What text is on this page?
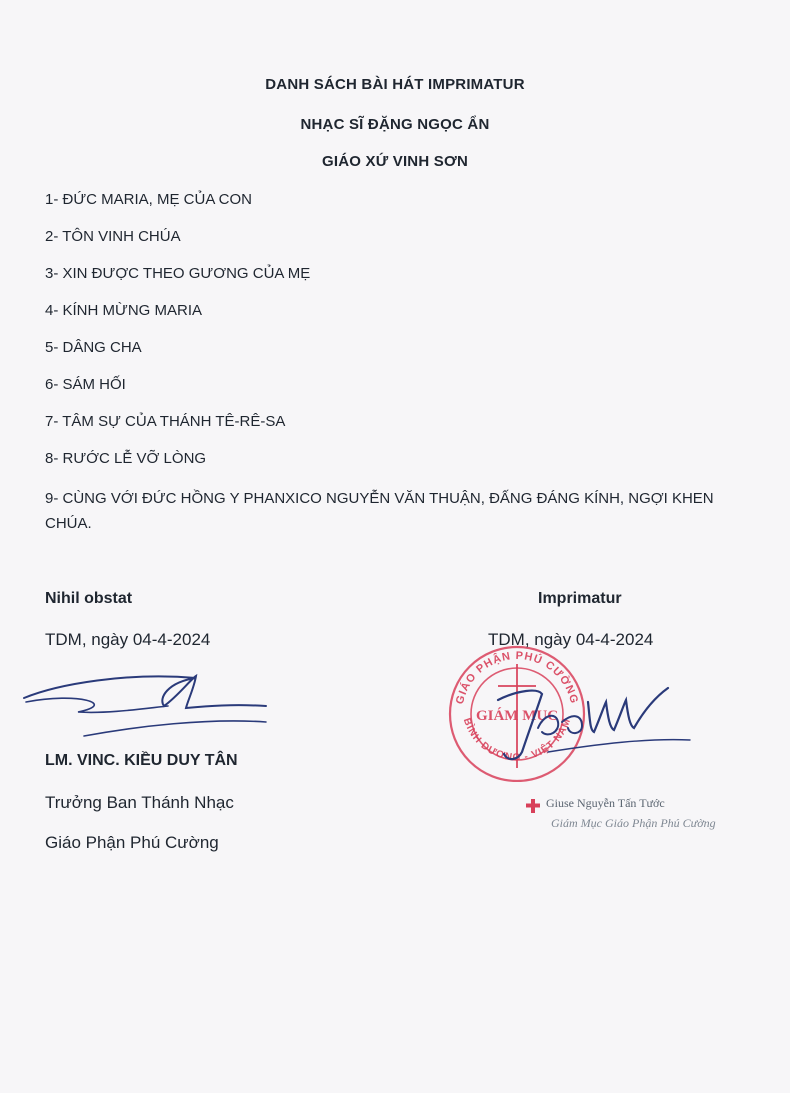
DANH SÁCH BÀI HÁT IMPRIMATUR
NHẠC SĨ ĐẶNG NGỌC ẨN
GIÁO XỨ VINH SƠN
1- ĐỨC MARIA, MẸ CỦA CON
2- TÔN VINH CHÚA
3- XIN ĐƯỢC THEO GƯƠNG CỦA MẸ
4- KÍNH MỪNG MARIA
5- DÂNG CHA
6- SÁM HỐI
7- TÂM SỰ CỦA THÁNH TÊ-RÊ-SA
8- RƯỚC LỄ VỠ LÒNG
9- CÙNG VỚI ĐỨC HỒNG Y PHANXICO NGUYỄN VĂN THUẬN, ĐẤNG ĐÁNG KÍNH, NGỢI KHEN CHÚA.
Nihil obstat
TDM, ngày 04-4-2024
LM. VINC. KIỀU DUY TÂN
Trưởng Ban Thánh Nhạc
Giáo Phận Phú Cường
Imprimatur
GIÁO PHẬN PHÚ CƯỜNG
BÌNH DƯƠNG - VIỆT NAM
GIÁM MỤC
TDM, ngày 04-4-2024
Giuse Nguyễn Tấn Tước
Giám Mục Giáo Phận Phú Cường
